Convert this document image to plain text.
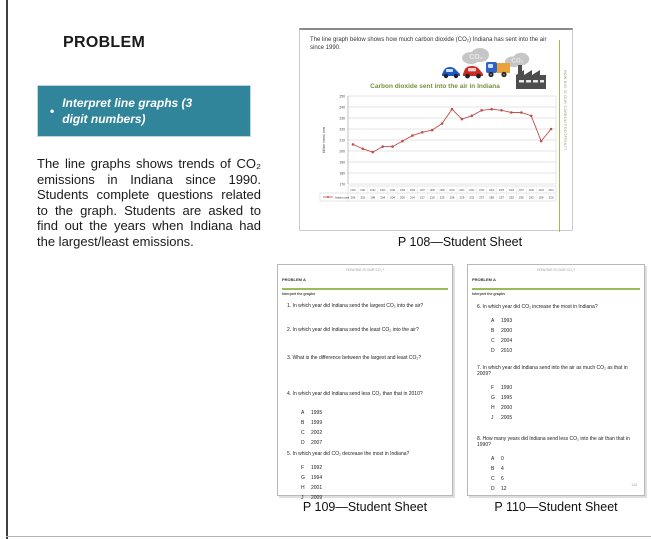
PROBLEM
•
Interpret line graphs (3 digit numbers)
The line graphs shows trends of CO₂ emissions in Indiana since 1990. Students complete questions related to the graph. Students are asked to find out the years when Indiana had the largest/least emissions.
The line graph below shows how much carbon dioxide (CO₂) Indiana has sent into the air since 1990.
CO₂
CO₂
Carbon dioxide sent into the air in Indiana
170
180
190
200
210
220
230
240
250
Million metric tons
1990 1991 1992 1993 1994 1995 1996 1997 1998 1999 2000 2001 2002 2003 2004 2005 2006 2007 2008 2009 2010
206 202 199 204 204 209 214 217 219 225 238 229 232 237 238 237 235 235 232 209 220
Indiana total
HOW BIG IS OUR CARBON FOOTPRINT?
P 108—Student Sheet
PROBLEM A
HOW BIG IS OUR CO₂?
Interpret the graphs
1. In which year did Indiana send the largest CO₂ into the air?
2. In which year did Indiana send the least CO₂ into the air?
3. What is the difference between the largest and least CO₂?
4. In which year did Indiana send less CO₂ than that in 2010?
A	1995
B	1999
C	2002
D	2007
5. In which year did CO₂ decrease the most in Indiana?
F	1992
G	1994
H	2001
J	2009
P 109—Student Sheet
PROBLEM A
HOW BIG IS OUR CO₂?
Interpret the graphs
6. In which year did CO₂ increase the most in Indiana?
A	1993
B	2000
C	2004
D	2010
7. In which year did Indiana send into the air as much CO₂ as that in 2009?
F	1990
G	1995
H	2000
J	2005
8. How many years did Indiana send less CO₂ into the air than that in 1990?
A	0
B	4
C	6
D	12
110
P 110—Student Sheet
